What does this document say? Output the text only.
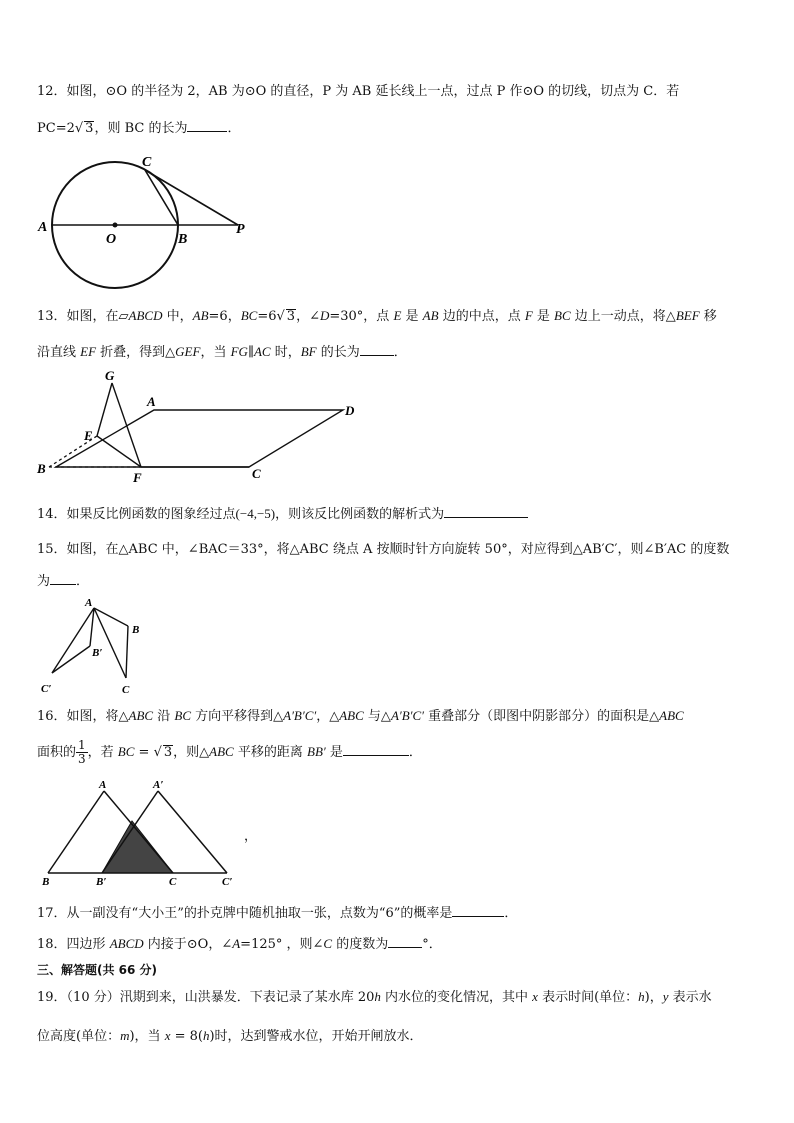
12．如图，⊙O 的半径为 2，AB 为⊙O 的直径，P 为 AB 延长线上一点，过点 P 作⊙O 的切线，切点为 C．若
PC=2√ 3，则 BC 的长为	．
A
O	B
P
C
13．如图，在▱ABCD 中，AB=6，BC=6√ 3，∠D=30°，点 E 是 AB 边的中点，点 F 是 BC 边上一动点，将△BEF 移
沿直线 EF 折叠，得到△GEF，当 FG∥AC 时，BF 的长为	．
G
A
D
E
B
F	C
14．如果反比例函数的图象经过点(−4,−5)，则该反比例函数的解析式为
15．如图，在△ABC 中，∠BAC＝33°，将△ABC 绕点 A 按顺时针方向旋转 50°，对应得到△AB′C′，则∠B′AC 的度数
为 ．
A
B
B′
C′	C
16．如图，将△ABC 沿 BC 方向平移得到△A′B′C′，△ABC 与△A′B′C′ 重叠部分（即图中阴影部分）的面积是△ABC
面积的 $\frac{1}{3}$ ，若 BC = √ 3，则△ABC 平移的距离 BB′ 是	．
A	A′
B	B′	C	C′
，
17．从一副没有“大小王”的扑克牌中随机抽取一张，点数为“6”的概率是	．
18．四边形 ABCD 内接于⊙O，∠A=125° ，则∠C 的度数为	°．
三、解答题(共 66 分)
19．（10 分）汛期到来，山洪暴发．下表记录了某水库 20h 内水位的变化情况，其中 x 表示时间(单位：h)，y 表示水
位高度(单位：m)，当 x = 8(h)时，达到警戒水位，开始开闸放水．
